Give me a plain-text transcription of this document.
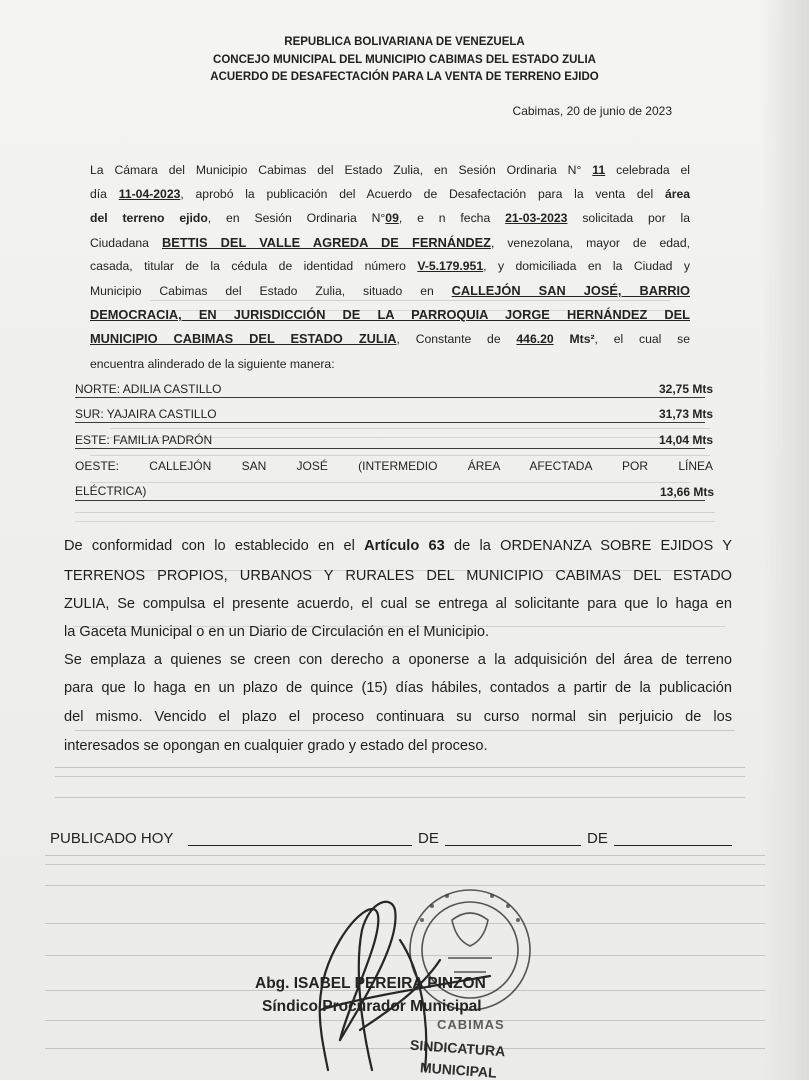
REPUBLICA BOLIVARIANA DE VENEZUELA
CONCEJO MUNICIPAL DEL MUNICIPIO CABIMAS DEL ESTADO ZULIA
ACUERDO DE DESAFECTACIÓN PARA LA VENTA DE TERRENO EJIDO
Cabimas, 20 de junio de 2023
La Cámara del Municipio Cabimas del Estado Zulia, en Sesión Ordinaria N° 11 celebrada el
día 11-04-2023, aprobó la publicación del Acuerdo de Desafectación para la venta del área
del terreno ejido, en Sesión Ordinaria N°09, e n fecha 21-03-2023 solicitada por la
Ciudadana BETTIS DEL VALLE AGREDA DE FERNÁNDEZ, venezolana, mayor de edad,
casada, titular de la cédula de identidad número V-5.179.951, y domiciliada en la Ciudad y
Municipio Cabimas del Estado Zulia, situado en CALLEJÓN SAN JOSÉ, BARRIO
DEMOCRACIA, EN JURISDICCIÓN DE LA PARROQUIA JORGE HERNÁNDEZ DEL
MUNICIPIO CABIMAS DEL ESTADO ZULIA, Constante de 446.20 Mts², el cual se
encuentra alinderado de la siguiente manera:
NORTE: ADILIA CASTILLO	32,75 Mts
SUR: YAJAIRA CASTILLO	31,73 Mts
ESTE: FAMILIA PADRÓN	14,04 Mts
OESTE: CALLEJÓN SAN JOSÉ (INTERMEDIO ÁREA AFECTADA POR LÍNEA
ELÉCTRICA)	13,66 Mts
De conformidad con lo establecido en el Artículo 63 de la ORDENANZA SOBRE EJIDOS Y
TERRENOS PROPIOS, URBANOS Y RURALES DEL MUNICIPIO CABIMAS DEL ESTADO
ZULIA, Se compulsa el presente acuerdo, el cual se entrega al solicitante para que lo haga en
la Gaceta Municipal o en un Diario de Circulación en el Municipio.
Se emplaza a quienes se creen con derecho a oponerse a la adquisición del área de terreno
para que lo haga en un plazo de quince (15) días hábiles, contados a partir de la publicación
del mismo. Vencido el plazo el proceso continuara su curso normal sin perjuicio de los
interesados se opongan en cualquier grado y estado del proceso.
PUBLICADO HOY	DE	DE
CABIMAS
SINDICATURA
MUNICIPAL
Abg. ISABEL PEREIRA PINZON
Síndico Procurador Municipal
